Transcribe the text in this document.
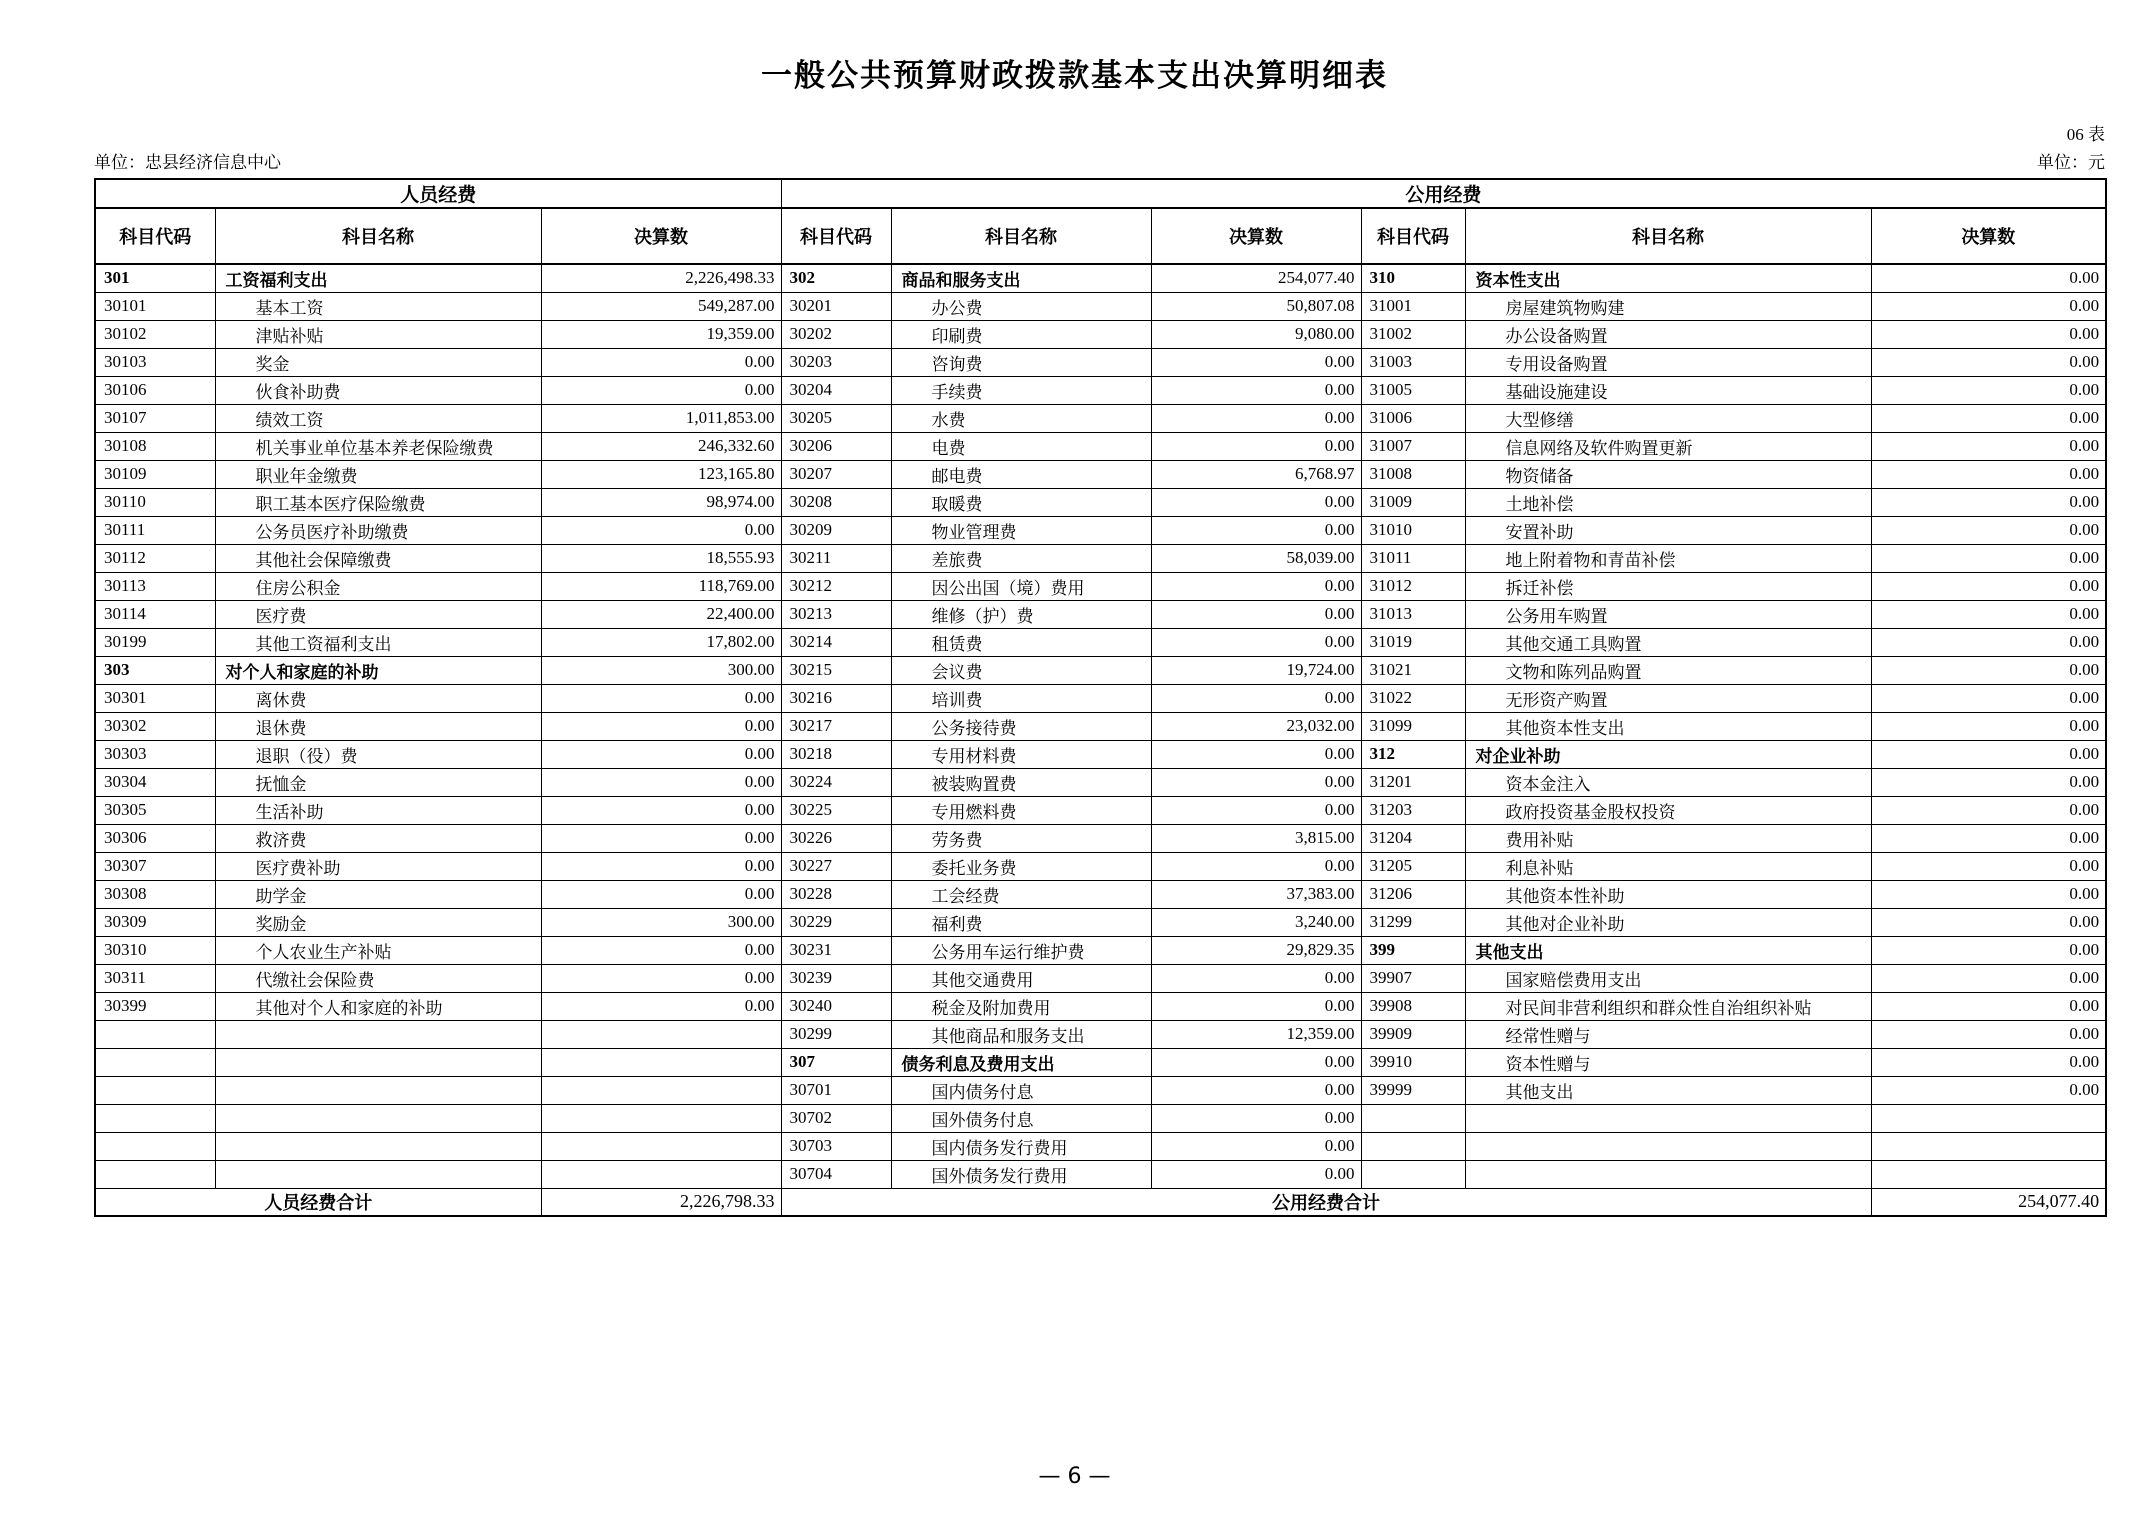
一般公共预算财政拨款基本支出决算明细表
06 表
单位：忠县经济信息中心	单位：元
人员经费			公用经费					
科目代码	科目名称	决算数	科目代码	科目名称	决算数	科目代码	科目名称	决算数
301	工资福利支出	2,226,498.33	302	商品和服务支出	254,077.40	310	资本性支出	0.00
30101	基本工资	549,287.00	30201	办公费	50,807.08	31001	房屋建筑物购建	0.00
30102	津贴补贴	19,359.00	30202	印刷费	9,080.00	31002	办公设备购置	0.00
30103	奖金	0.00	30203	咨询费	0.00	31003	专用设备购置	0.00
30106	伙食补助费	0.00	30204	手续费	0.00	31005	基础设施建设	0.00
30107	绩效工资	1,011,853.00	30205	水费	0.00	31006	大型修缮	0.00
30108	机关事业单位基本养老保险缴费	246,332.60	30206	电费	0.00	31007	信息网络及软件购置更新	0.00
30109	职业年金缴费	123,165.80	30207	邮电费	6,768.97	31008	物资储备	0.00
30110	职工基本医疗保险缴费	98,974.00	30208	取暖费	0.00	31009	土地补偿	0.00
30111	公务员医疗补助缴费	0.00	30209	物业管理费	0.00	31010	安置补助	0.00
30112	其他社会保障缴费	18,555.93	30211	差旅费	58,039.00	31011	地上附着物和青苗补偿	0.00
30113	住房公积金	118,769.00	30212	因公出国（境）费用	0.00	31012	拆迁补偿	0.00
30114	医疗费	22,400.00	30213	维修（护）费	0.00	31013	公务用车购置	0.00
30199	其他工资福利支出	17,802.00	30214	租赁费	0.00	31019	其他交通工具购置	0.00
303	对个人和家庭的补助	300.00	30215	会议费	19,724.00	31021	文物和陈列品购置	0.00
30301	离休费	0.00	30216	培训费	0.00	31022	无形资产购置	0.00
30302	退休费	0.00	30217	公务接待费	23,032.00	31099	其他资本性支出	0.00
30303	退职（役）费	0.00	30218	专用材料费	0.00	312	对企业补助	0.00
30304	抚恤金	0.00	30224	被装购置费	0.00	31201	资本金注入	0.00
30305	生活补助	0.00	30225	专用燃料费	0.00	31203	政府投资基金股权投资	0.00
30306	救济费	0.00	30226	劳务费	3,815.00	31204	费用补贴	0.00
30307	医疗费补助	0.00	30227	委托业务费	0.00	31205	利息补贴	0.00
30308	助学金	0.00	30228	工会经费	37,383.00	31206	其他资本性补助	0.00
30309	奖励金	300.00	30229	福利费	3,240.00	31299	其他对企业补助	0.00
30310	个人农业生产补贴	0.00	30231	公务用车运行维护费	29,829.35	399	其他支出	0.00
30311	代缴社会保险费	0.00	30239	其他交通费用	0.00	39907	国家赔偿费用支出	0.00
30399	其他对个人和家庭的补助	0.00	30240	税金及附加费用	0.00	39908	对民间非营利组织和群众性自治组织补贴	0.00
			30299	其他商品和服务支出	12,359.00	39909	经常性赠与	0.00
			307	债务利息及费用支出	0.00	39910	资本性赠与	0.00
			30701	国内债务付息	0.00	39999	其他支出	0.00
			30702	国外债务付息	0.00			
			30703	国内债务发行费用	0.00			
			30704	国外债务发行费用	0.00			
人员经费合计		2,226,798.33	公用经费合计					254,077.40
— 6 —
